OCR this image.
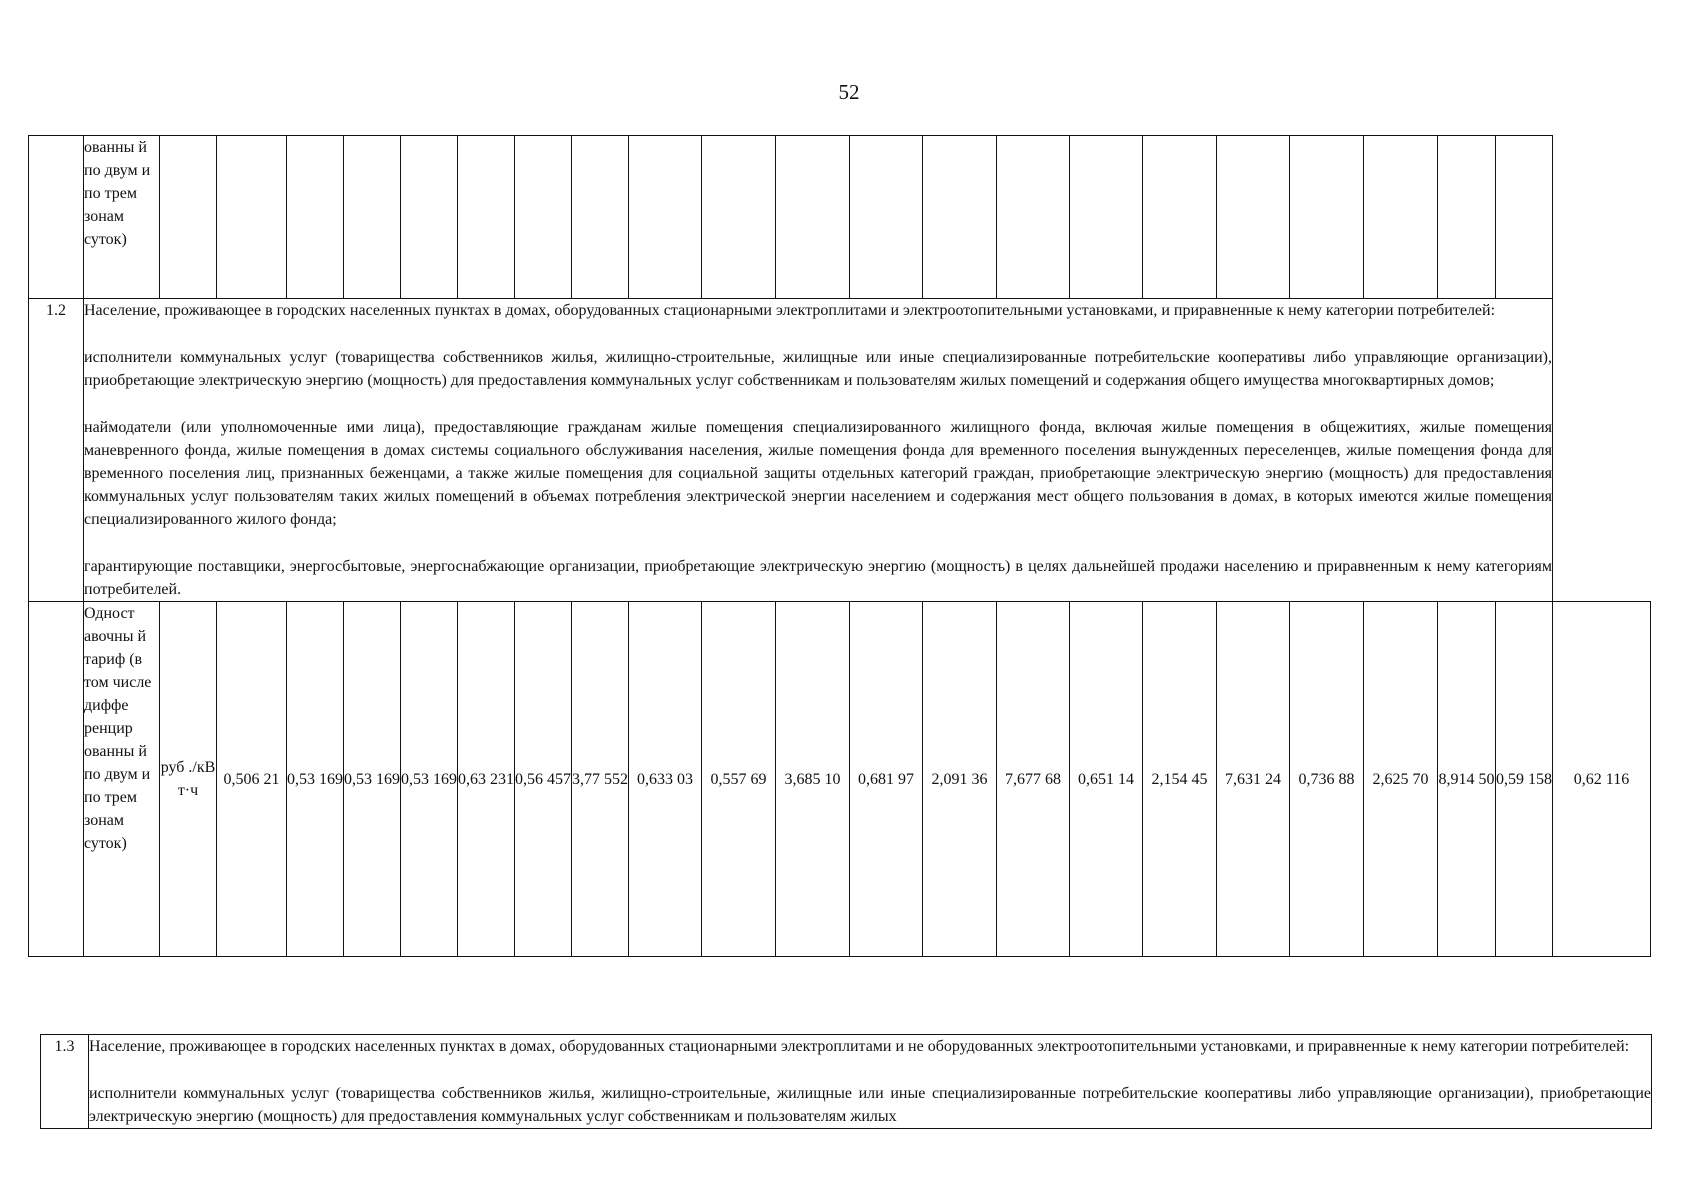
52
	ованны й по двум и по трем зонам суток)																						
1.2	Население, проживающее в городских населенных пунктах в домах, оборудованных стационарными электроплитами и электроотопительными установками, и приравненные к нему категории потребителей:

исполнители коммунальных услуг (товарищества собственников жилья, жилищно-строительные, жилищные или иные специализированные потребительские кооперативы либо управляющие организации), приобретающие электрическую энергию (мощность) для предоставления коммунальных услуг собственникам и пользователям жилых помещений и содержания общего имущества многоквартирных домов;

наймодатели (или уполномоченные ими лица), предоставляющие гражданам жилые помещения специализированного жилищного фонда, включая жилые помещения в общежитиях, жилые помещения маневренного фонда, жилые помещения в домах системы социального обслуживания населения, жилые помещения фонда для временного поселения вынужденных переселенцев, жилые помещения фонда для временного поселения лиц, признанных беженцами, а также жилые помещения для социальной защиты отдельных категорий граждан, приобретающие электрическую энергию (мощность) для предоставления коммунальных услуг пользователям таких жилых помещений в объемах потребления электрической энергии населением и содержания мест общего пользования в домах, в которых имеются жилые помещения специализированного жилого фонда;

гарантирующие поставщики, энергосбытовые, энергоснабжающие организации, приобретающие электрическую энергию (мощность) в целях дальнейшей продажи населению и приравненным к нему категориям потребителей.																						

	Одност авочны й тариф (в том числе диффе ренцир ованны й по двум и по трем зонам суток)	руб ./кВ т·ч	0,506 21	0,53 169	0,53 169	0,53 169	0,63 231	0,56 457	3,77 552	0,633 03	0,557 69	3,685 10	0,681 97	2,091 36	7,677 68	0,651 14	2,154 45	7,631 24	0,736 88	2,625 70	8,914 50	0,59 158	0,62 116
1.3	Население, проживающее в городских населенных пунктах в домах, оборудованных стационарными электроплитами и не оборудованных электроотопительными установками, и приравненные к нему категории потребителей:

исполнители коммунальных услуг (товарищества собственников жилья, жилищно-строительные, жилищные или иные специализированные потребительские кооперативы либо управляющие организации), приобретающие электрическую энергию (мощность) для предоставления коммунальных услуг собственникам и пользователям жилых
